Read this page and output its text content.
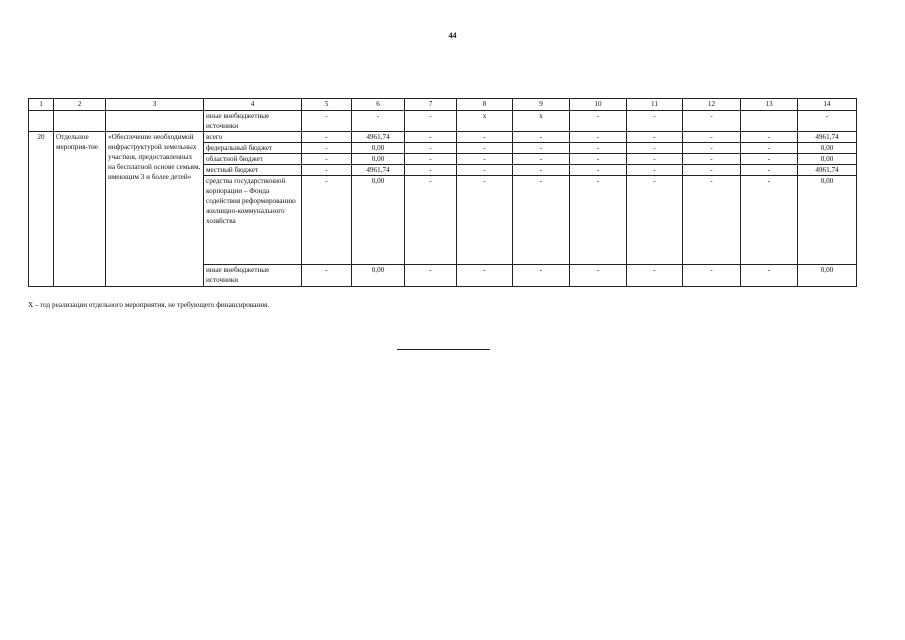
44
1	2	3	4	5	6	7	8	9	10	11	12	13	14
			иные внебюджетные источники	-	-	-	х	х	-	-	-		-
20	Отдельное мероприя-тие	«Обеспечение необходимой инфраструктурой земельных участков, предоставленных на бесплатной основе семьям, имеющим 3 и более детей»	всего	-	4961,74	-	-	-	-	-	-	-	4961,74
			федеральный бюджет	-	0,00	-	-	-	-	-	-	-	0,00
			областной бюджет	-	0,00	-	-	-	-	-	-	-	0,00
			местный бюджет	-	4961,74	-	-	-	-	-	-	-	4961,74
			средства государственной корпорации – Фонда содействия реформированию жилищно-коммунального хозяйства	-	0,00	-	-	-	-	-	-	-	0,00
			иные внебюджетные источники	-	0,00	-	-	-	-	-	-	-	0,00
Х – год реализации отдельного мероприятия, не требующего финансирования.
